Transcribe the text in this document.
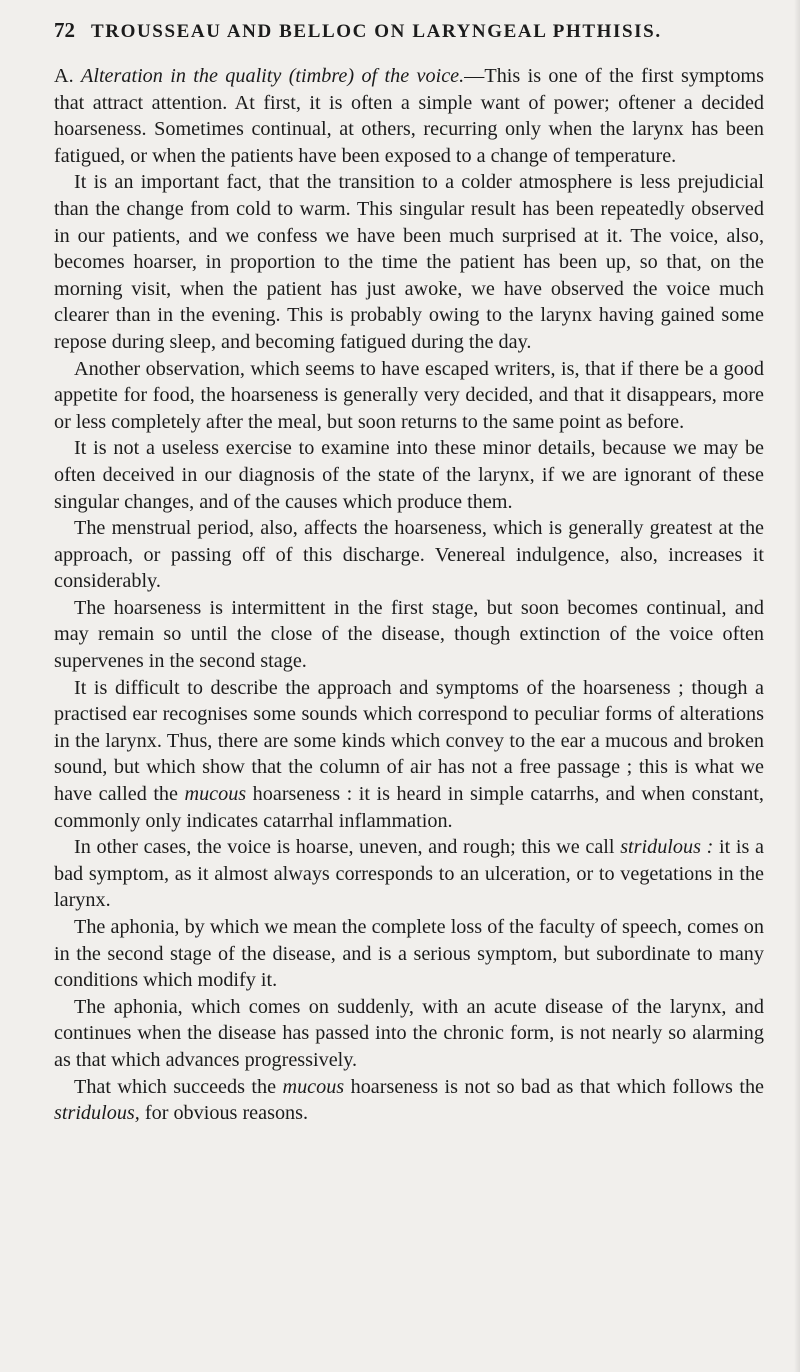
72 TROUSSEAU AND BELLOC ON LARYNGEAL PHTHISIS.

A. Alteration in the quality (timbre) of the voice.—This is one of the first symptoms that attract attention. At first, it is often a simple want of power; oftener a decided hoarseness. Sometimes continual, at others, recurring only when the larynx has been fatigued, or when the patients have been exposed to a change of temperature.

It is an important fact, that the transition to a colder atmosphere is less prejudicial than the change from cold to warm. This singular result has been repeatedly observed in our patients, and we confess we have been much surprised at it. The voice, also, becomes hoarser, in proportion to the time the patient has been up, so that, on the morning visit, when the patient has just awoke, we have observed the voice much clearer than in the evening. This is probably owing to the larynx having gained some repose during sleep, and becoming fatigued during the day.

Another observation, which seems to have escaped writers, is, that if there be a good appetite for food, the hoarseness is generally very decided, and that it disappears, more or less completely after the meal, but soon returns to the same point as before.

It is not a useless exercise to examine into these minor details, because we may be often deceived in our diagnosis of the state of the larynx, if we are ignorant of these singular changes, and of the causes which produce them.

The menstrual period, also, affects the hoarseness, which is generally greatest at the approach, or passing off of this discharge. Venereal indulgence, also, increases it considerably.

The hoarseness is intermittent in the first stage, but soon becomes continual, and may remain so until the close of the disease, though extinction of the voice often supervenes in the second stage.

It is difficult to describe the approach and symptoms of the hoarseness ; though a practised ear recognises some sounds which correspond to peculiar forms of alterations in the larynx. Thus, there are some kinds which convey to the ear a mucous and broken sound, but which show that the column of air has not a free passage ; this is what we have called the mucous hoarseness : it is heard in simple catarrhs, and when constant, commonly only indicates catarrhal inflammation.

In other cases, the voice is hoarse, uneven, and rough; this we call stridulous : it is a bad symptom, as it almost always corresponds to an ulceration, or to vegetations in the larynx.

The aphonia, by which we mean the complete loss of the faculty of speech, comes on in the second stage of the disease, and is a serious symptom, but subordinate to many conditions which modify it.

The aphonia, which comes on suddenly, with an acute disease of the larynx, and continues when the disease has passed into the chronic form, is not nearly so alarming as that which advances progressively.

That which succeeds the mucous hoarseness is not so bad as that which follows the stridulous, for obvious reasons.
